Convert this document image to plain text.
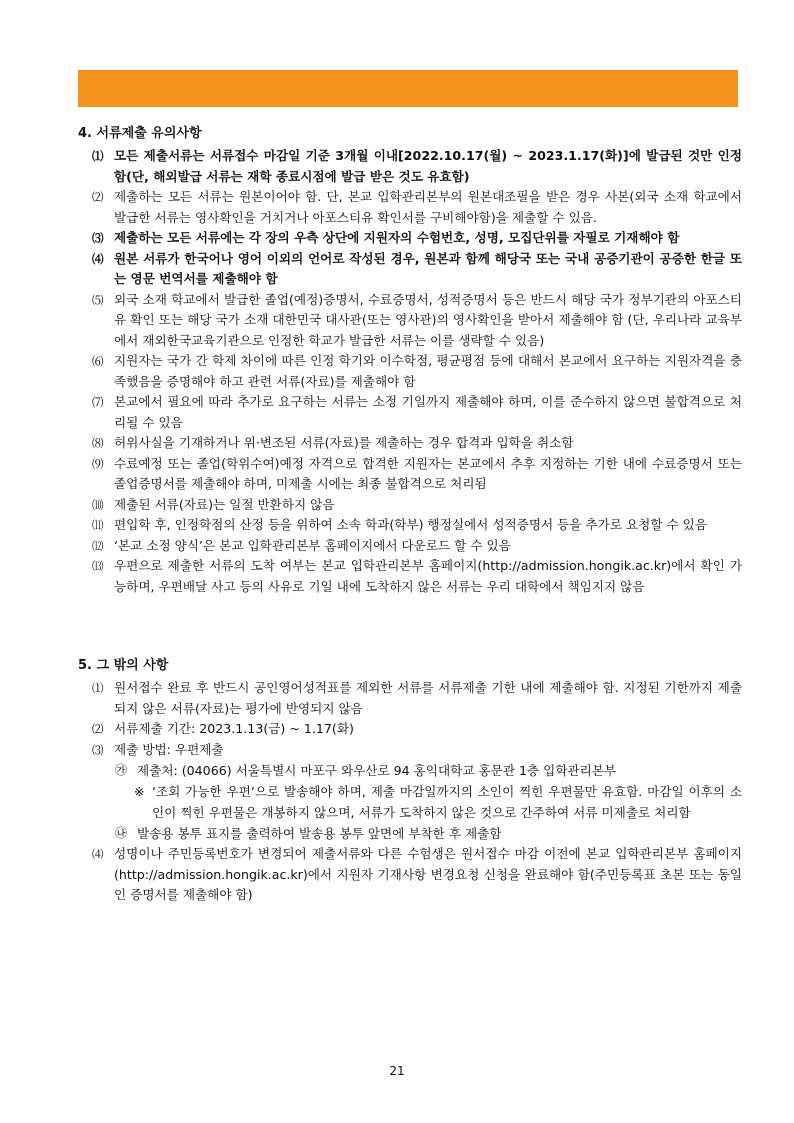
4. 서류제출 유의사항
⑴ 모든 제출서류는 서류접수 마감일 기준 3개월 이내[2022.10.17(월) ~ 2023.1.17(화)]에 발급된 것만 인정함(단, 해외발급 서류는 재학 종료시점에 발급 받은 것도 유효함)
⑵ 제출하는 모든 서류는 원본이어야 함. 단, 본교 입학관리본부의 원본대조필을 받은 경우 사본(외국 소재 학교에서 발급한 서류는 영사확인을 거치거나 아포스티유 확인서를 구비해야함)을 제출할 수 있음.
⑶ 제출하는 모든 서류에는 각 장의 우측 상단에 지원자의 수험번호, 성명, 모집단위를 자필로 기재해야 함
⑷ 원본 서류가 한국어나 영어 이외의 언어로 작성된 경우, 원본과 함께 해당국 또는 국내 공증기관이 공증한 한글 또는 영문 번역서를 제출해야 함
⑸ 외국 소재 학교에서 발급한 졸업(예정)증명서, 수료증명서, 성적증명서 등은 반드시 해당 국가 정부기관의 아포스티유 확인 또는 해당 국가 소재 대한민국 대사관(또는 영사관)의 영사확인을 받아서 제출해야 함 (단, 우리나라 교육부에서 재외한국교육기관으로 인정한 학교가 발급한 서류는 이를 생략할 수 있음)
⑹ 지원자는 국가 간 학제 차이에 따른 인정 학기와 이수학점, 평균평점 등에 대해서 본교에서 요구하는 지원자격을 충족했음을 증명해야 하고 관련 서류(자료)를 제출해야 함
⑺ 본교에서 필요에 따라 추가로 요구하는 서류는 소정 기일까지 제출해야 하며, 이를 준수하지 않으면 불합격으로 처리될 수 있음
⑻ 허위사실을 기재하거나 위·변조된 서류(자료)를 제출하는 경우 합격과 입학을 취소함
⑼ 수료예정 또는 졸업(학위수여)예정 자격으로 합격한 지원자는 본교에서 추후 지정하는 기한 내에 수료증명서 또는 졸업증명서를 제출해야 하며, 미제출 시에는 최종 불합격으로 처리됨
⑽ 제출된 서류(자료)는 일절 반환하지 않음
⑾ 편입학 후, 인정학점의 산정 등을 위하여 소속 학과(학부) 행정실에서 성적증명서 등을 추가로 요청할 수 있음
⑿ ‘본교 소정 양식’은 본교 입학관리본부 홈페이지에서 다운로드 할 수 있음
⒀ 우편으로 제출한 서류의 도착 여부는 본교 입학관리본부 홈페이지(http://admission.hongik.ac.kr)에서 확인 가능하며, 우편배달 사고 등의 사유로 기일 내에 도착하지 않은 서류는 우리 대학에서 책임지지 않음
5. 그 밖의 사항
⑴ 원서접수 완료 후 반드시 공인영어성적표를 제외한 서류를 서류제출 기한 내에 제출해야 함. 지정된 기한까지 제출되지 않은 서류(자료)는 평가에 반영되지 않음
⑵ 서류제출 기간: 2023.1.13(금) ~ 1.17(화)
⑶ 제출 방법: 우편제출
㉮ 제출처: (04066) 서울특별시 마포구 와우산로 94 홍익대학교 홍문관 1층 입학관리본부
※ ‘조회 가능한 우편’으로 발송해야 하며, 제출 마감일까지의 소인이 찍힌 우편물만 유효함. 마감일 이후의 소인이 찍힌 우편물은 개봉하지 않으며, 서류가 도착하지 않은 것으로 간주하여 서류 미제출로 처리함
㉯ 발송용 봉투 표지를 출력하여 발송용 봉투 앞면에 부착한 후 제출함
⑷ 성명이나 주민등록번호가 변경되어 제출서류와 다른 수험생은 원서접수 마감 이전에 본교 입학관리본부 홈페이지(http://admission.hongik.ac.kr)에서 지원자 기재사항 변경요청 신청을 완료해야 함(주민등록표 초본 또는 동일인 증명서를 제출해야 함)
21
